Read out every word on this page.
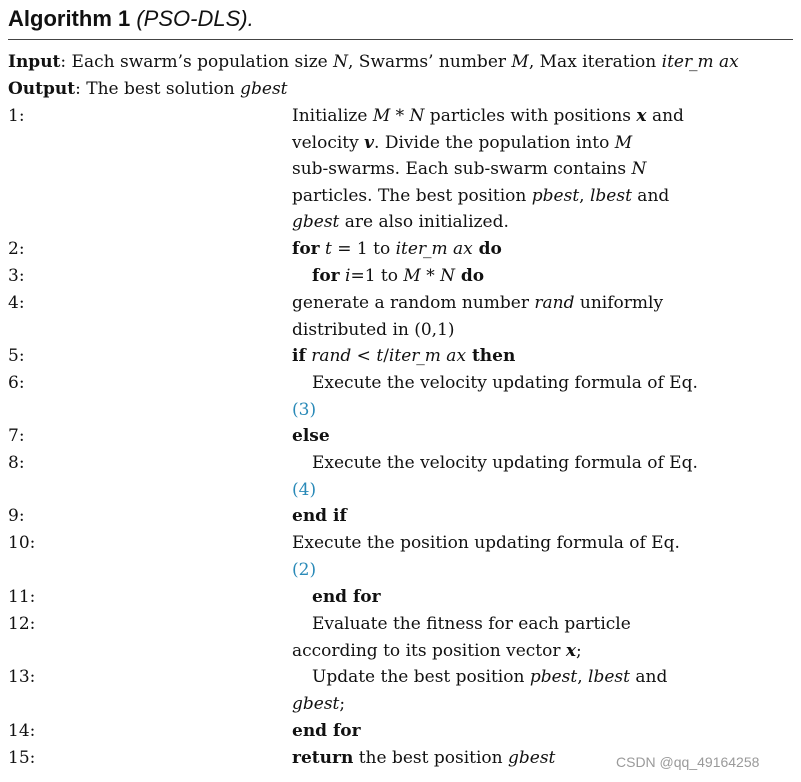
Algorithm 1 (PSO-DLS).
Input: Each swarm’s population size N, Swarms’ number M, Max iteration iter ̲m ax
Output: The best solution gbest
1:	Initialize M * N particles with positions x and
velocity v. Divide the population into M
sub-swarms. Each sub-swarm contains N
particles. The best position pbest, lbest and
gbest are also initialized.
2:	for t = 1 to iter ̲m ax do
3:	for i=1 to M * N do
4:	generate a random number rand uniformly
distributed in (0,1)
5:	if rand < t/iter ̲m ax then
6:	Execute the velocity updating formula of Eq.
(3)
7:	else
8:	Execute the velocity updating formula of Eq.
(4)
9:	end if
10:	Execute the position updating formula of Eq.
(2)
11:	end for
12:	Evaluate the fitness for each particle
according to its position vector x;
13:	Update the best position pbest, lbest and
gbest;
14:	end for
15:	return the best position gbest	CSDN @qq_49164258
